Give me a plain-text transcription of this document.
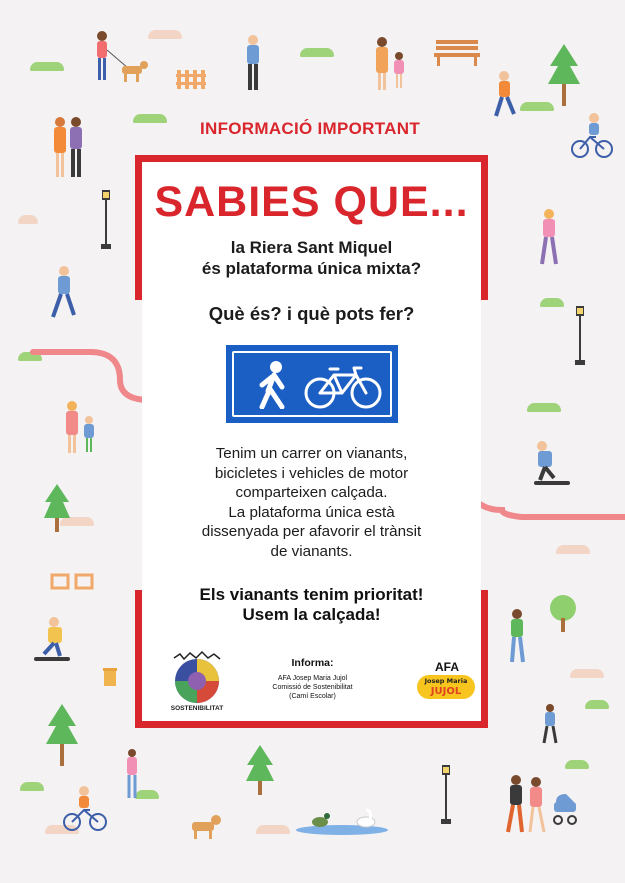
INFORMACIÓ IMPORTANT
SABIES QUE...
la Riera Sant Miquel
és plataforma única mixta?
Què és? i què pots fer?
Tenim un carrer on vianants,
bicicletes i vehicles de motor
comparteixen calçada.
La plataforma única està
dissenyada per afavorir el trànsit
de vianants.
Els vianants tenim prioritat!
Usem la calçada!
SOSTENIBILITAT
Informa:
AFA Josep Maria Jujol
Comissió de Sostenibilitat
(Camí Escolar)
AFA
Josep Maria
JUJOL
